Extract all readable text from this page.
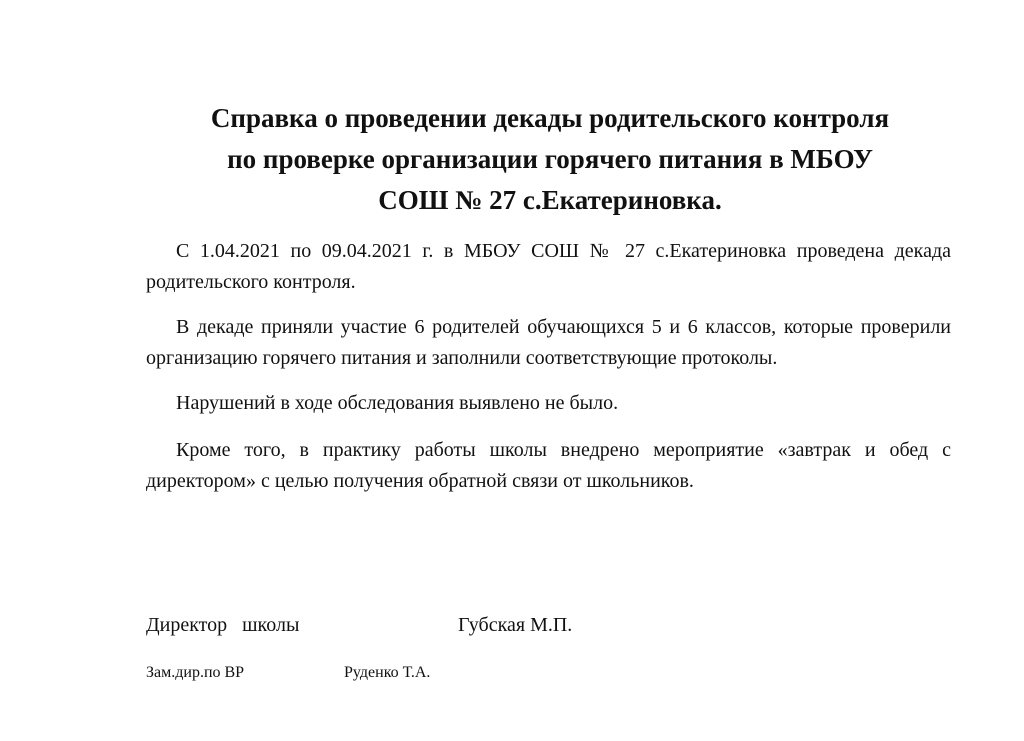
Справка о проведении декады родительского контроля
по проверке организации горячего питания в МБОУ
СОШ № 27 с.Екатериновка.

С 1.04.2021 по 09.04.2021 г. в МБОУ СОШ № 27 с.Екатериновка проведена декада родительского контроля.

В декаде приняли участие 6 родителей обучающихся 5 и 6 классов, которые проверили организацию горячего питания и заполнили соответствующие протоколы.

Нарушений в ходе обследования выявлено не было.

Кроме того, в практику работы школы внедрено мероприятие «завтрак и обед с директором» с целью получения обратной связи от школьников.

Директор   школы	Губская М.П.
Зам.дир.по ВР	Руденко Т.А.
